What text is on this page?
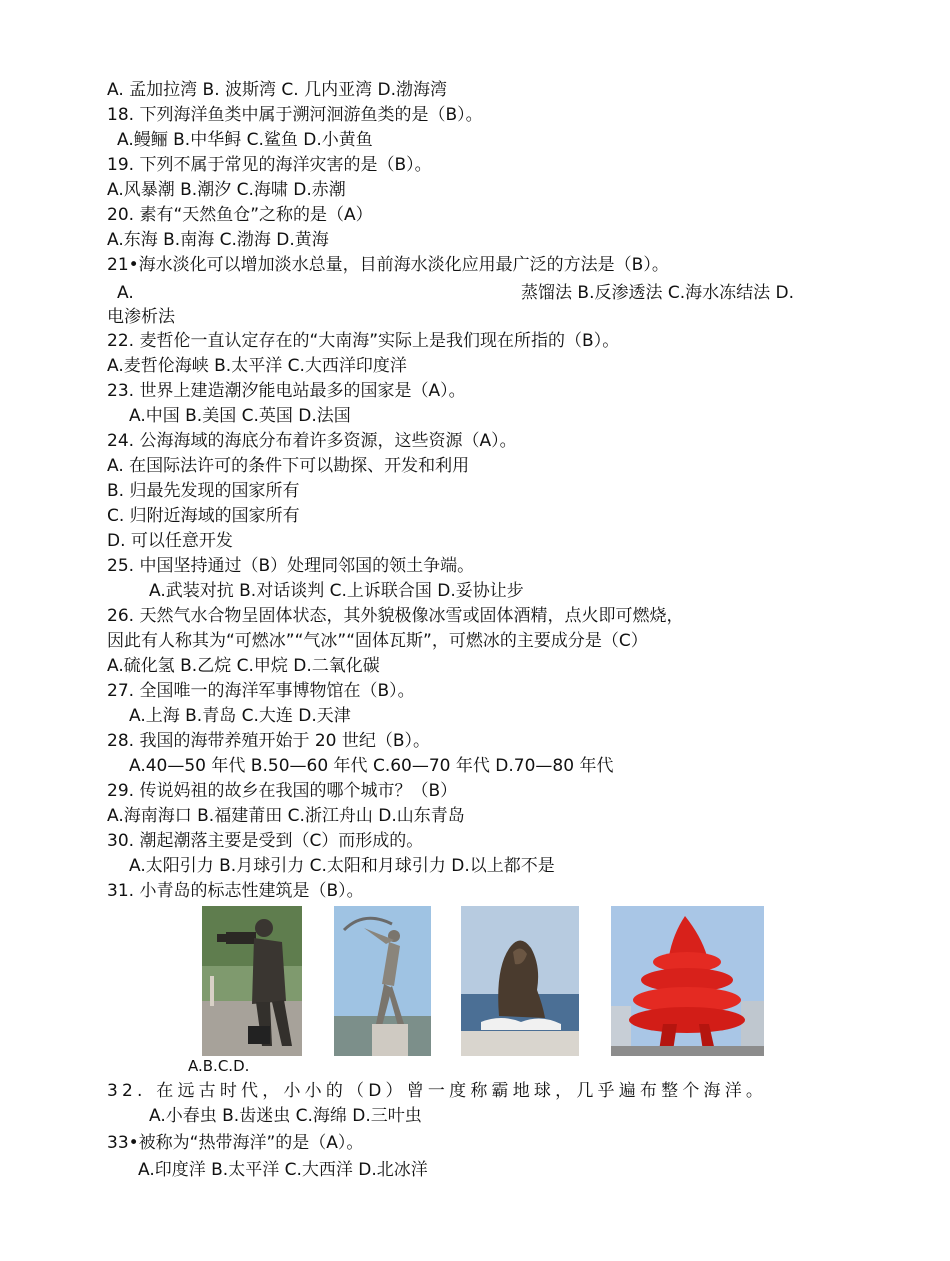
A. 孟加拉湾 B. 波斯湾 C. 几内亚湾 D.渤海湾
18. 下列海洋鱼类中属于溯河洄游鱼类的是（B）。
A.鳗鲡 B.中华鲟 C.鲨鱼 D.小黄鱼
19. 下列不属于常见的海洋灾害的是（B）。
A.风暴潮 B.潮汐 C.海啸 D.赤潮
20. 素有“天然鱼仓”之称的是（A）
A.东海 B.南海 C.渤海 D.黄海
21•海水淡化可以增加淡水总量，目前海水淡化应用最广泛的方法是（B）。
A.	蒸馏法 B.反渗透法 C.海水冻结法 D.
电渗析法
22. 麦哲伦一直认定存在的“大南海”实际上是我们现在所指的（B）。
A.麦哲伦海峡 B.太平洋 C.大西洋印度洋
23. 世界上建造潮汐能电站最多的国家是（A）。
A.中国 B.美国 C.英国 D.法国
24. 公海海域的海底分布着许多资源，这些资源（A）。
A. 在国际法许可的条件下可以勘探、开发和利用
B. 归最先发现的国家所有
C. 归附近海域的国家所有
D. 可以任意开发
25. 中国坚持通过（B）处理同邻国的领土争端。
A.武装对抗 B.对话谈判 C.上诉联合国 D.妥协让步
26. 天然气水合物呈固体状态，其外貌极像冰雪或固体酒精，点火即可燃烧，
因此有人称其为“可燃冰”“气冰”“固体瓦斯”，可燃冰的主要成分是（C）
A.硫化氢 B.乙烷 C.甲烷 D.二氧化碳
27. 全国唯一的海洋军事博物馆在（B）。
A.上海 B.青岛 C.大连 D.天津
28. 我国的海带养殖开始于 20 世纪（B）。
A.40—50 年代 B.50—60 年代 C.60—70 年代 D.70—80 年代
29. 传说妈祖的故乡在我国的哪个城市？（B）
A.海南海口 B.福建莆田 C.浙江舟山 D.山东青岛
30. 潮起潮落主要是受到（C）而形成的。
A.太阳引力 B.月球引力 C.太阳和月球引力 D.以上都不是
31. 小青岛的标志性建筑是（B）。
A.B.C.D.
32. 在远古时代，小小的（D）曾一度称霸地球，几乎遍布整个海洋。
A.小春虫 B.齿迷虫 C.海绵 D.三叶虫
33•被称为“热带海洋”的是（A）。
A.印度洋 B.太平洋 C.大西洋 D.北冰洋
